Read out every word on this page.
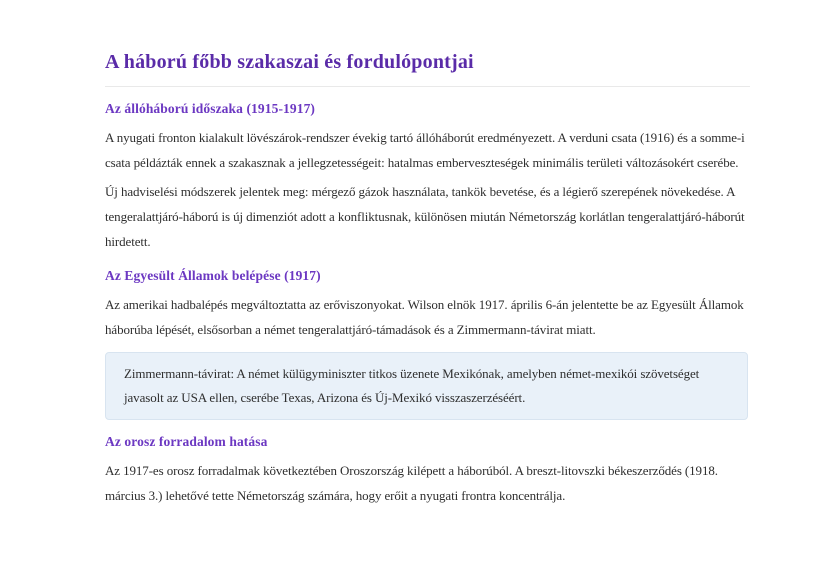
A háború főbb szakaszai és fordulópontjai
Az állóháború időszaka (1915-1917)

A nyugati fronton kialakult lövészárok-rendszer évekig tartó állóháborút eredményezett. A verduni csata (1916) és a somme-i csata példázták ennek a szakasznak a jellegzetességeit: hatalmas emberveszteségek minimális területi változásokért cserébe.

Új hadviselési módszerek jelentek meg: mérgező gázok használata, tankök bevetése, és a légierő szerepének növekedése. A tengeralattjáró-háború is új dimenziót adott a konfliktusnak, különösen miután Németország korlátlan tengeralattjáró-háborút hirdetett.

Az Egyesült Államok belépése (1917)

Az amerikai hadbalépés megváltoztatta az erőviszonyokat. Wilson elnök 1917. április 6-án jelentette be az Egyesült Államok háborúba lépését, elsősorban a német tengeralattjáró-támadások és a Zimmermann-távirat miatt.

Zimmermann-távirat: A német külügyminiszter titkos üzenete Mexikónak, amelyben német-mexikói szövetséget javasolt az USA ellen, cserébe Texas, Arizona és Új-Mexikó visszaszerzéséért.
Az orosz forradalom hatása

Az 1917-es orosz forradalmak következtében Oroszország kilépett a háborúból. A breszt-litovszki békeszerződés (1918. március 3.) lehetővé tette Németország számára, hogy erőit a nyugati frontra koncentrálja.
